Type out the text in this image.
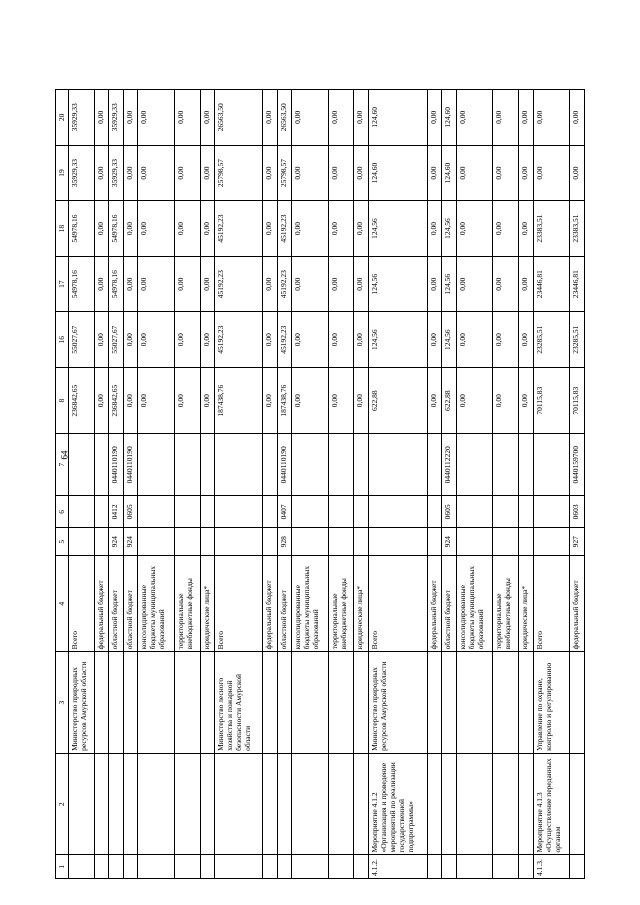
64
1	2	3	4	5	6	7	8	16	17	18	19	20
		Министерство природных ресурсов Амурской области	Всего				236842,65	55027,67	54978,16	54978,16	35929,33	35929,33
			федеральный бюджет				0,00	0,00	0,00	0,00	0,00	0,00
			областной бюджет	924	0412	0440110190	236842,65	55027,67	54978,16	54978,16	35929,33	35929,33
			областной бюджет	924	0605	0440110190	0,00	0,00	0,00	0,00	0,00	0,00
			консолидированные бюджеты муниципальных образований				0,00	0,00	0,00	0,00	0,00	0,00
			территориальные внебюджетные фонды				0,00	0,00	0,00	0,00	0,00	0,00
			юридические лица*				0,00	0,00	0,00	0,00	0,00	0,00
		Министерство лесного хозяйства и пожарной безопасности Амурской области	Всего				187438,76	45192,23	45192,23	45192,23	25798,57	26563,50
			федеральный бюджет				0,00	0,00	0,00	0,00	0,00	0,00
			областной бюджет	928	0407	0440110190	187438,76	45192,23	45192,23	45192,23	25798,57	26563,50
			консолидированные бюджеты муниципальных образований				0,00	0,00	0,00	0,00	0,00	0,00
			территориальные внебюджетные фонды				0,00	0,00	0,00	0,00	0,00	0,00
			юридические лица*				0,00	0,00	0,00	0,00	0,00	0,00
4.1.2.	Мероприятие 4.1.2 «Организация и проведение мероприятий по реализации государственной подпрограммы»	Министерство природных ресурсов Амурской области	Всего				622,88	124,56	124,56	124,56	124,60	124,60
			федеральный бюджет				0,00	0,00	0,00	0,00	0,00	0,00
			областной бюджет	924	0605	0440112220	622,88	124,56	124,56	124,56	124,60	124,60
			консолидированные бюджеты муниципальных образований				0,00	0,00	0,00	0,00	0,00	0,00
			территориальные внебюджетные фонды				0,00	0,00	0,00	0,00	0,00	0,00
			юридические лица*				0,00	0,00	0,00	0,00	0,00	0,00
4.1.3.	Мероприятие 4.1.3 «Осуществление переданных органам	Управление по охране, контролю и регулированию	Всего				70115,83	23285,51	23446,81	23383,51	0,00	0,00
			федеральный бюджет	927	0603	0440159700	70115,83	23285,51	23446,81	23383,51	0,00	0,00
